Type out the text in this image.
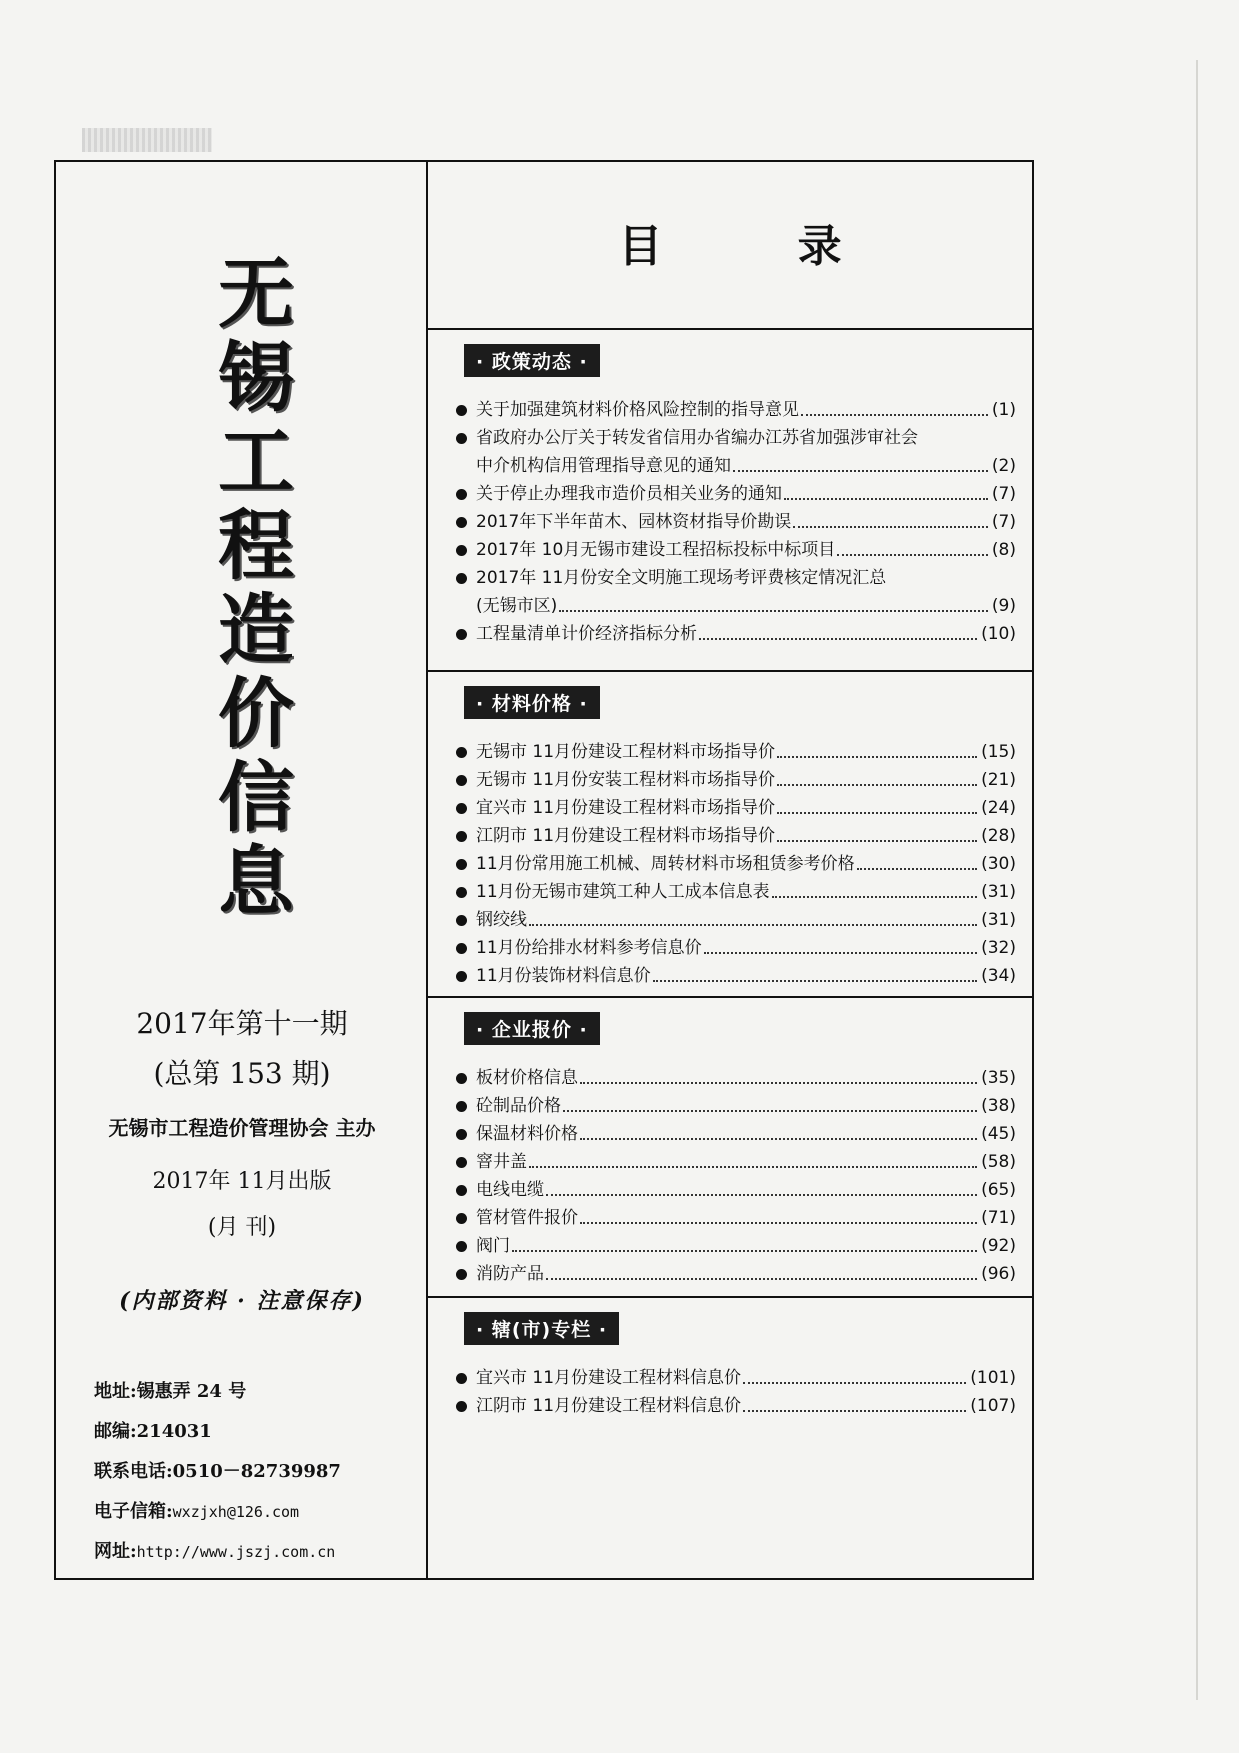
无
锡
工
程
造
价
信
息
2017年第十一期
(总第 153 期)
无锡市工程造价管理协会 主办
2017年 11月出版
(月 刊)
(内部资料 · 注意保存)
地址:锡惠弄 24 号
邮编:214031
联系电话:0510－82739987
电子信箱:wxzjxh@126.com
网址:http://www.jszj.com.cn
目 录
· 政策动态 ·
关于加强建筑材料价格风险控制的指导意见	(1)
省政府办公厅关于转发省信用办省编办江苏省加强涉审社会
中介机构信用管理指导意见的通知	(2)
关于停止办理我市造价员相关业务的通知	(7)
2017年下半年苗木、园林资材指导价勘误	(7)
2017年 10月无锡市建设工程招标投标中标项目	(8)
2017年 11月份安全文明施工现场考评费核定情况汇总
(无锡市区)	(9)
工程量清单计价经济指标分析	(10)
· 材料价格 ·
无锡市 11月份建设工程材料市场指导价	(15)
无锡市 11月份安装工程材料市场指导价	(21)
宜兴市 11月份建设工程材料市场指导价	(24)
江阴市 11月份建设工程材料市场指导价	(28)
11月份常用施工机械、周转材料市场租赁参考价格	(30)
11月份无锡市建筑工种人工成本信息表	(31)
钢绞线	(31)
11月份给排水材料参考信息价	(32)
11月份装饰材料信息价	(34)
· 企业报价 ·
板材价格信息	(35)
砼制品价格	(38)
保温材料价格	(45)
窨井盖	(58)
电线电缆	(65)
管材管件报价	(71)
阀门	(92)
消防产品	(96)
· 辖(市)专栏 ·
宜兴市 11月份建设工程材料信息价	(101)
江阴市 11月份建设工程材料信息价	(107)
